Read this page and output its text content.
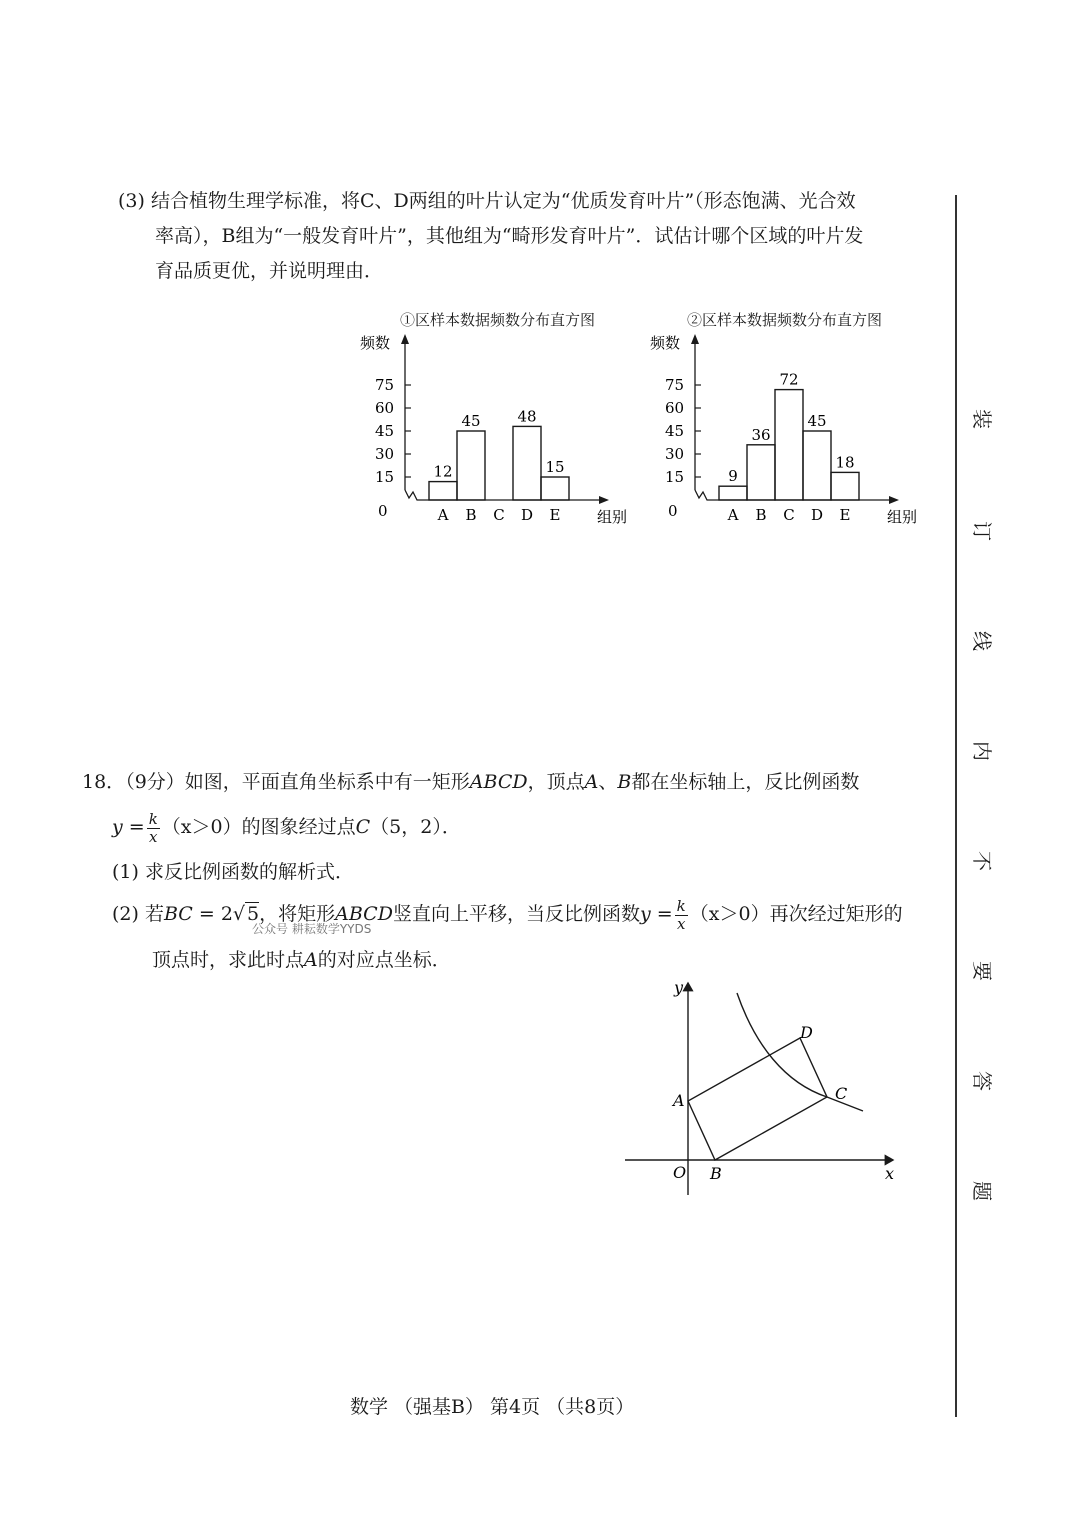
(3) 结合植物生理学标准，将C、D两组的叶片认定为“优质发育叶片”（形态饱满、光合效
率高），B组为“一般发育叶片”，其他组为“畸形发育叶片”．试估计哪个区域的叶片发
育品质更优，并说明理由．
①区样本数据频数分布直方图
频数
0
15
30
45
60
75
12
A
45
B C
48
D
15
E 组别
②区样本数据频数分布直方图
频数
0
15
30
45
60
75
9
A
36
B
72
C
45
D
18
E 组别
18．（9分）如图，平面直角坐标系中有一矩形ABCD，顶点A、B都在坐标轴上，反比例函数
$y = \frac{k}{x} (x>0)$的图象经过点C（5，2）．
(1) 求反比例函数的解析式．
(2) 若BC = 2√ 5，将矩形ABCD竖直向上平移，当反比例函数$y = \frac{k}{x} (x>0)$再次经过矩形的
公众号 耕耘数学YYDS
顶点时，求此时点A的对应点坐标．
y
x
O
A
B
C
D
装
订
线
内
不
要
答
题
数学 （强基B） 第4页 （共8页）
